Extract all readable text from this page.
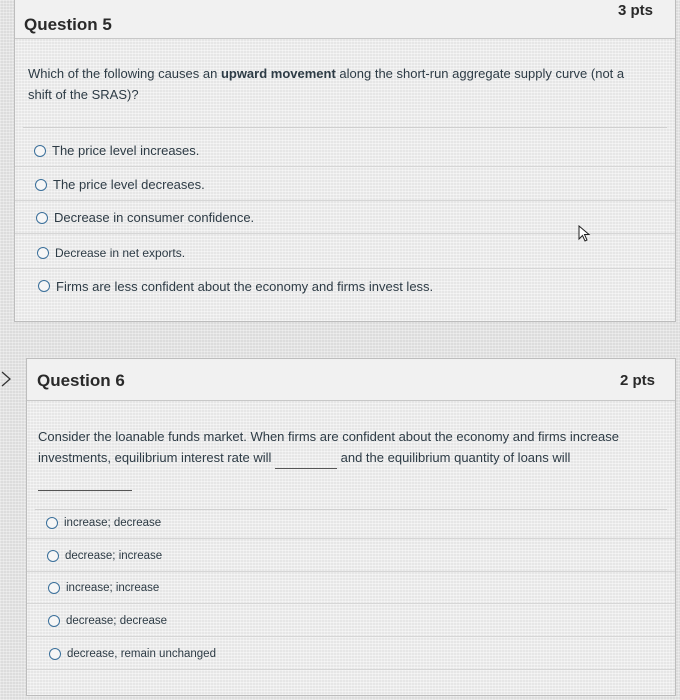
Question 5
3 pts
Which of the following causes an upward movement along the short-run aggregate supply curve (not a shift of the SRAS)?
The price level increases.
The price level decreases.
Decrease in consumer confidence.
Decrease in net exports.
Firms are less confident about the economy and firms invest less.
Question 6	2 pts
Consider the loanable funds market. When firms are confident about the economy and firms increase investments, equilibrium interest rate will	and the equilibrium quantity of loans will
increase; decrease
decrease; increase
increase; increase
decrease; decrease
decrease, remain unchanged
